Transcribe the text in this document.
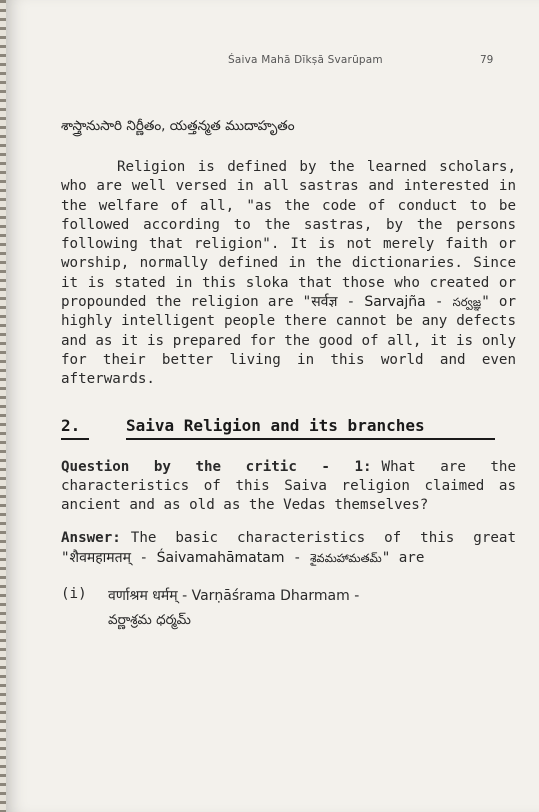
Śaiva Mahā Dīkṣā Svarūpam	79

శాస్త్రానుసారి నిర్ణీతం, యత్తన్మత ముదాహృతం

Religion is defined by the learned scholars, who are well versed in all sastras and interested in the welfare of all, "as the code of conduct to be followed according to the sastras, by the persons following that religion". It is not merely faith or worship, normally defined in the dictionaries. Since it is stated in this sloka that those who created or propounded the religion are "सर्वज्ञ - Sarvajña - సర్వజ్ఞ" or highly intelligent people there cannot be any defects and as it is prepared for the good of all, it is only for their better living in this world and even afterwards.

2.	Saiva Religion and its branches

Question by the critic - 1: What are the characteristics of this Saiva religion claimed as ancient and as old as the Vedas themselves?

Answer: The basic characteristics of this great "शैवमहामतम् - Śaivamahāmatam - శైవమహామతమ్" are

(i) वर्णाश्रम धर्मम् - Varṇāśrama Dharmam -
వర్ణాశ్రమ ధర్మమ్
